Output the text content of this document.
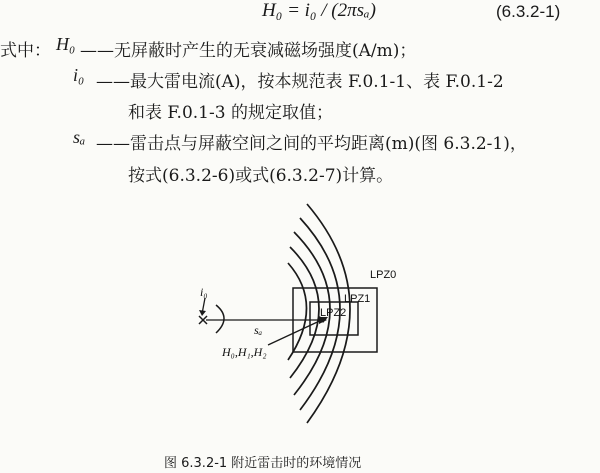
H₀ = i₀ / (2πsₐ)	(6.3.2-1)
式中： H₀ ——无屏蔽时产生的无衰减磁场强度(A/m)；
i₀ ——最大雷电流(A)，按本规范表 F.0.1-1、表 F.0.1-2
和表 F.0.1-3 的规定取值；
sₐ ——雷击点与屏蔽空间之间的平均距离(m)(图 6.3.2-1)，
按式(6.3.2-6)或式(6.3.2-7)计算。
LPZ0
LPZ1
LPZ2
i₀
sₐ
H₀,H₁,H₂
图 6.3.2-1 附近雷击时的环境情况
